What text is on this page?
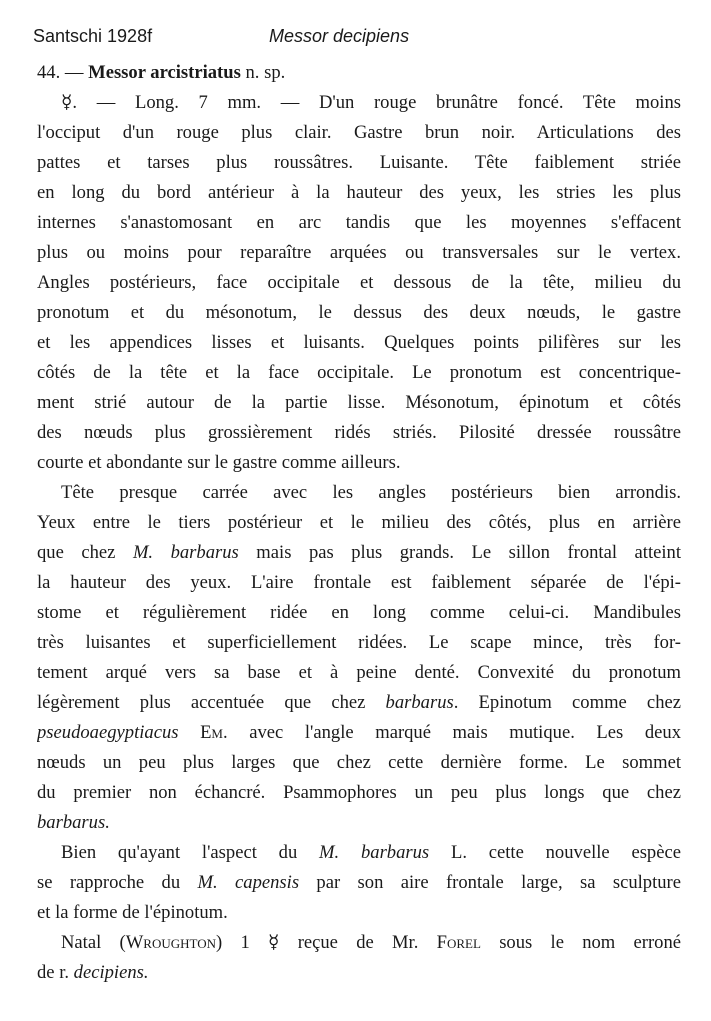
Santschi 1928f	Messor decipiens
44. — Messor arcistriatus n. sp.
☿. — Long. 7 mm. — D'un rouge brunâtre foncé. Tête moins
l'occiput d'un rouge plus clair. Gastre brun noir. Articulations des
pattes et tarses plus roussâtres. Luisante. Tête faiblement striée
en long du bord antérieur à la hauteur des yeux, les stries les plus
internes s'anastomosant en arc tandis que les moyennes s'effacent
plus ou moins pour reparaître arquées ou transversales sur le vertex.
Angles postérieurs, face occipitale et dessous de la tête, milieu du
pronotum et du mésonotum, le dessus des deux nœuds, le gastre
et les appendices lisses et luisants. Quelques points pilifères sur les
côtés de la tête et la face occipitale. Le pronotum est concentrique-
ment strié autour de la partie lisse. Mésonotum, épinotum et côtés
des nœuds plus grossièrement ridés striés. Pilosité dressée roussâtre
courte et abondante sur le gastre comme ailleurs.
Tête presque carrée avec les angles postérieurs bien arrondis.
Yeux entre le tiers postérieur et le milieu des côtés, plus en arrière
que chez M. barbarus mais pas plus grands. Le sillon frontal atteint
la hauteur des yeux. L'aire frontale est faiblement séparée de l'épi-
stome et régulièrement ridée en long comme celui-ci. Mandibules
très luisantes et superficiellement ridées. Le scape mince, très for-
tement arqué vers sa base et à peine denté. Convexité du pronotum
légèrement plus accentuée que chez barbarus. Epinotum comme chez
pseudoaegyptiacus Em. avec l'angle marqué mais mutique. Les deux
nœuds un peu plus larges que chez cette dernière forme. Le sommet
du premier non échancré. Psammophores un peu plus longs que chez
barbarus.
Bien qu'ayant l'aspect du M. barbarus L. cette nouvelle espèce
se rapproche du M. capensis par son aire frontale large, sa sculpture
et la forme de l'épinotum.
Natal (Wroughton) 1 ☿ reçue de Mr. Forel sous le nom erroné
de r. decipiens.
